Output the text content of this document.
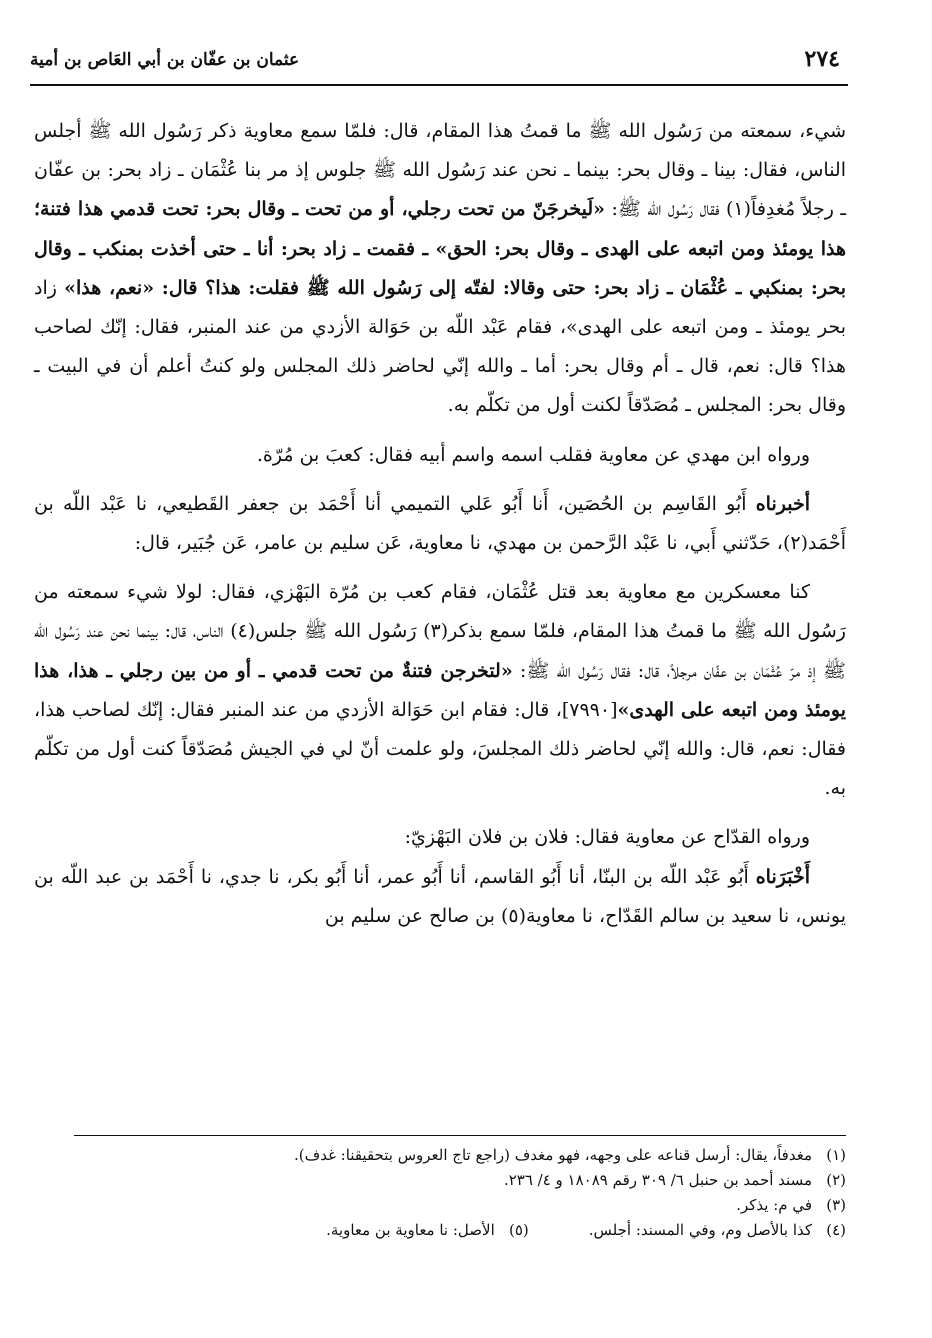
٢٧٤
عثمان بن عفّان بن أبي العَاص بن أمية

شيء، سمعته من رَسُول الله ﷺ ما قمتُ هذا المقام، قال: فلمّا سمع معاوية ذكر رَسُول الله ﷺ أجلس الناس، فقال: بينا ـ وقال بحر: بينما ـ نحن عند رَسُول الله ﷺ جلوس إذ مر بنا عُثْمَان ـ زاد بحر: بن عفّان ـ رجلاً مُغدِفاً(١) فقال رَسُول الله ﷺ: «لَيخرجَنّ من تحت رجلي، أو من تحت ـ وقال بحر: تحت قدمي هذا فتنة؛ هذا يومئذ ومن اتبعه على الهدى ـ وقال بحر: الحق» ـ فقمت ـ زاد بحر: أنا ـ حتى أخذت بمنكب ـ وقال بحر: بمنكبي ـ عُثْمَان ـ زاد بحر: حتى وقالا: لفتّه إلى رَسُول الله ﷺ فقلت: هذا؟ قال: «نعم، هذا» زاد بحر يومئذ ـ ومن اتبعه على الهدى»، فقام عَبْد اللّه بن حَوَالة الأزدي من عند المنبر، فقال: إنّك لصاحب هذا؟ قال: نعم، قال ـ أم وقال بحر: أما ـ والله إنّي لحاضر ذلك المجلس ولو كنتُ أعلم أن في البيت ـ وقال بحر: المجلس ـ مُصَدّقاً لكنت أول من تكلّم به.

ورواه ابن مهدي عن معاوية فقلب اسمه واسم أبيه فقال: كعبَ بن مُرّة.

أخبرناه أَبُو القَاسِم بن الحُصَين، أَنا أَبُو عَلي التميمي أنا أَحْمَد بن جعفر القَطيعي، نا عَبْد اللّه بن أَحْمَد(٢)، حَدّثني أَبي، نا عَبْد الرَّحمن بن مهدي، نا معاوية، عَن سليم بن عامر، عَن جُبَير، قال:

كنا معسكرين مع معاوية بعد قتل عُثْمَان، فقام كعب بن مُرّة البَهْزي، فقال: لولا شيء سمعته من رَسُول الله ﷺ ما قمتُ هذا المقام، فلمّا سمع بذكر(٣) رَسُول الله ﷺ جلس(٤) الناس، قال: بينما نحن عند رَسُول الله ﷺ إذ مرّ عُثْمَان بن عفّان مرجلاً، قال: فقال رَسُول الله ﷺ: «لتخرجن فتنةٌ من تحت قدمي ـ أو من بين رجلي ـ هذا، هذا يومئذ ومن اتبعه على الهدى»[٧٩٩٠]، قال: فقام ابن حَوَالة الأزدي من عند المنبر فقال: إنّك لصاحب هذا، فقال: نعم، قال: والله إنّي لحاضر ذلك المجلسَ، ولو علمت أنّ لي في الجيش مُصَدّقاً كنت أول من تكلّم به.

ورواه القدّاح عن معاوية فقال: فلان بن فلان البَهْزيّ:

أَخْبَرَناه أَبُو عَبْد اللّه بن البنّا، أنا أَبُو القاسم، أنا أَبُو عمر، أنا أَبُو بكر، نا جدي، نا أَحْمَد بن عبد اللّه بن يونس، نا سعيد بن سالم القَدّاح، نا معاوية(٥) بن صالح عن سليم بن

(١)مغدفاً، يقال: أرسل قناعه على وجهه، فهو مغدف (راجع تاج العروس بتحقيقنا: غدف).
(٢)مسند أحمد بن حنبل ٦/ ٣٠٩ رقم ١٨٠٨٩ و ٤/ ٢٣٦.
(٣)في م: يذكر.
(٤)كذا بالأصل وم، وفي المسند: أجلس.
(٥)الأصل: نا معاوية بن معاوية.
